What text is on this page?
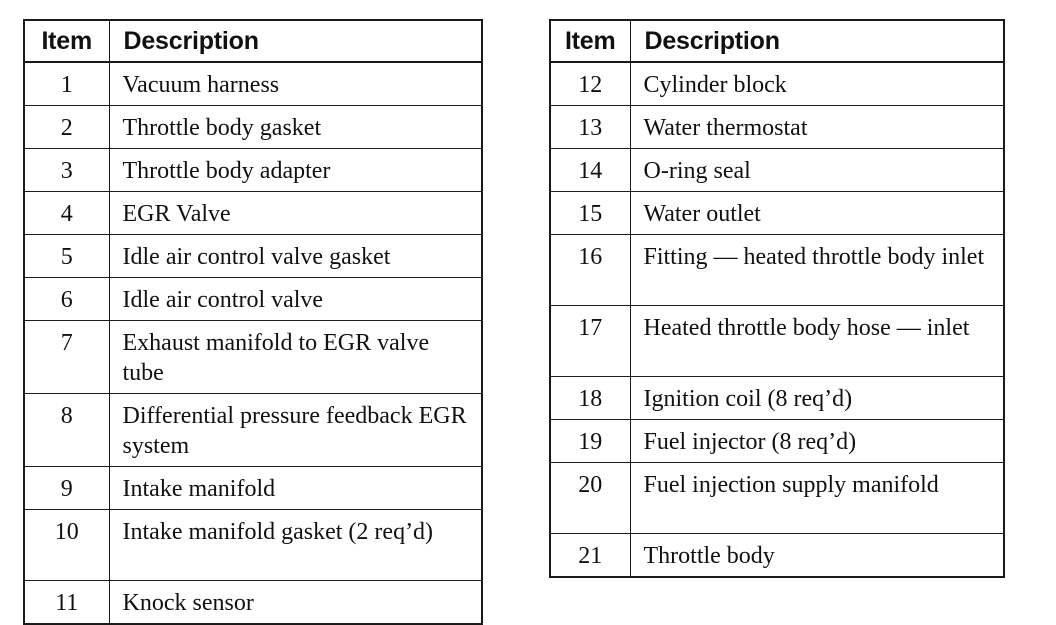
Item	Description
1	Vacuum harness
2	Throttle body gasket
3	Throttle body adapter
4	EGR Valve
5	Idle air control valve gasket
6	Idle air control valve
7	Exhaust manifold to EGR valve tube
8	Differential pressure feedback EGR system
9	Intake manifold
10	Intake manifold gasket (2 req’d)
11	Knock sensor
Item	Description
12	Cylinder block
13	Water thermostat
14	O-ring seal
15	Water outlet
16	Fitting — heated throttle body inlet
17	Heated throttle body hose — inlet
18	Ignition coil (8 req’d)
19	Fuel injector (8 req’d)
20	Fuel injection supply manifold
21	Throttle body
